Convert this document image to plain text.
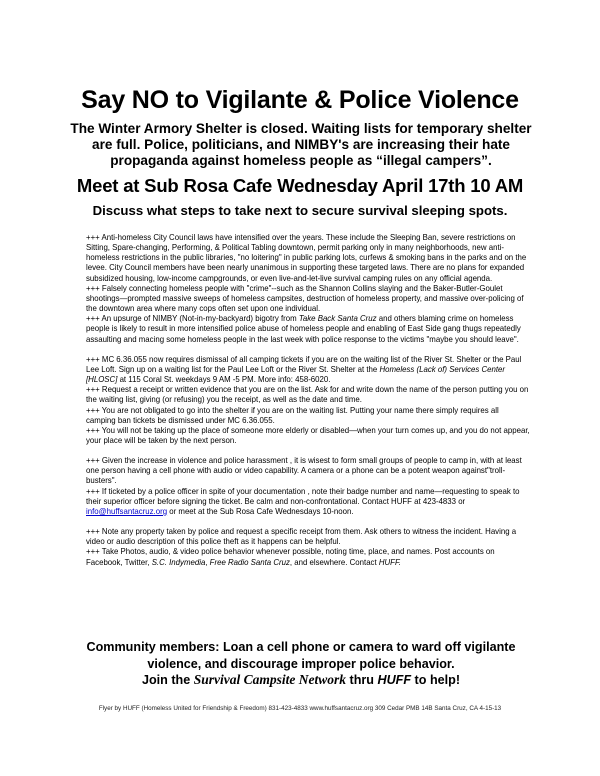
Say NO to Vigilante & Police Violence
The Winter Armory Shelter is closed. Waiting lists for temporary shelter are full. Police, politicians, and NIMBY's are increasing their hate propaganda against homeless people as “illegal campers”.
Meet at Sub Rosa Cafe Wednesday April 17th 10 AM
Discuss what steps to take next to secure survival sleeping spots.

+++ Anti-homeless City Council laws have intensified over the years. These include the Sleeping Ban, severe restrictions on Sitting, Spare-changing, Performing, & Political Tabling downtown, permit parking only in many neighborhoods, new anti-homeless restrictions in the public libraries, "no loitering" in public parking lots, curfews & smoking bans in the parks and on the levee. City Council members have been nearly unanimous in supporting these targeted laws. There are no plans for expanded subsidized housing, low-income campgrounds, or even live-and-let-live survival camping rules on any official agenda.

+++ Falsely connecting homeless people with "crime"--such as the Shannon Collins slaying and the Baker-Butler-Goulet shootings—prompted massive sweeps of homeless campsites, destruction of homeless property, and massive over-policing of the downtown area where many cops often set upon one individual.

+++ An upsurge of NIMBY (Not-in-my-backyard) bigotry from Take Back Santa Cruz and others blaming crime on homeless people is likely to result in more intensified police abuse of homeless people and enabling of East Side gang thugs repeatedly assaulting and macing some homeless people in the last week with police response to the victims "maybe you should leave".

+++ MC 6.36.055 now requires dismissal of all camping tickets if you are on the waiting list of the River St. Shelter or the Paul Lee Loft. Sign up on a waiting list for the Paul Lee Loft or the River St. Shelter at the Homeless (Lack of) Services Center [HLOSC] at 115 Coral St. weekdays 9 AM -5 PM. More info: 458-6020.

+++ Request a receipt or written evidence that you are on the list. Ask for and write down the name of the person putting you on the waiting list, giving (or refusing) you the receipt, as well as the date and time.

+++ You are not obligated to go into the shelter if you are on the waiting list. Putting your name there simply requires all camping ban tickets be dismissed under MC 6.36.055.

+++ You will not be taking up the place of someone more elderly or disabled—when your turn comes up, and you do not appear, your place will be taken by the next person.

+++ Given the increase in violence and police harassment , it is wisest to form small groups of people to camp in, with at least one person having a cell phone with audio or video capability. A camera or a phone can be a potent weapon against"troll-busters".

+++ If ticketed by a police officer in spite of your documentation , note their badge number and name—requesting to speak to their superior officer before signing the ticket. Be calm and non-confrontational. Contact HUFF at 423-4833 or info@huffsantacruz.org or meet at the Sub Rosa Cafe Wednesdays 10-noon.

+++ Note any property taken by police and request a specific receipt from them. Ask others to witness the incident. Having a video or audio description of this police theft as it happens can be helpful.

+++ Take Photos, audio, & video police behavior whenever possible, noting time, place, and names. Post accounts on Facebook, Twitter, S.C. Indymedia, Free Radio Santa Cruz, and elsewhere. Contact HUFF.

Community members: Loan a cell phone or camera to ward off vigilante violence, and discourage improper police behavior.
Join the Survival Campsite Network thru HUFF to help!
Flyer by HUFF (Homeless United for Friendship & Freedom) 831-423-4833 www.huffsantacruz.org 309 Cedar PMB 14B Santa Cruz, CA 4-15-13
